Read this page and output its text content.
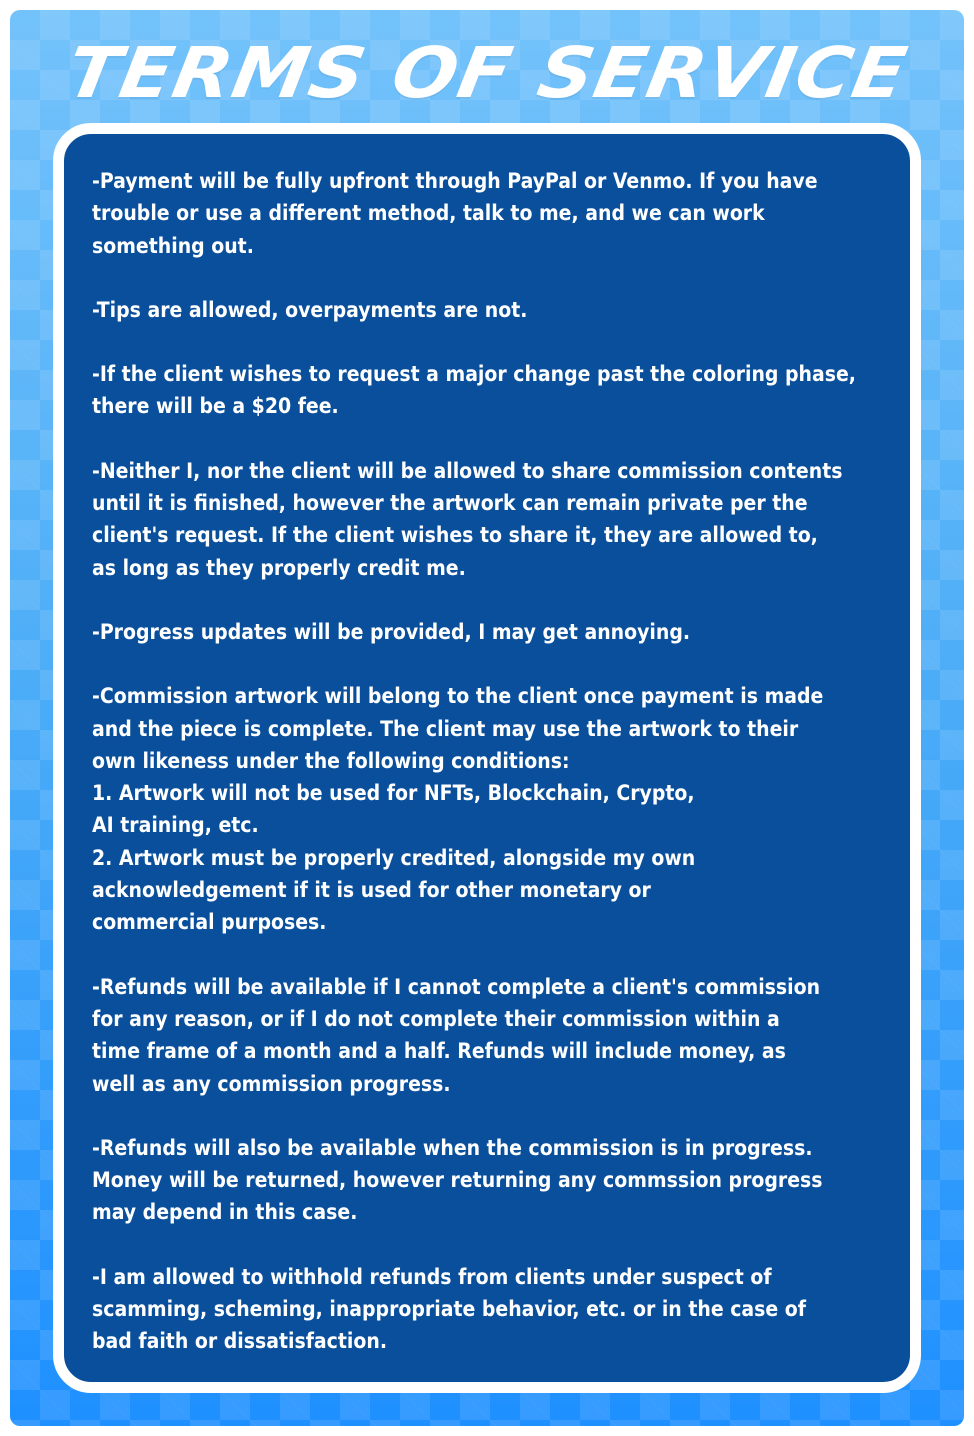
TERMS OF SERVICE

-Payment will be fully upfront through PayPal or Venmo. If you have
trouble or use a different method, talk to me, and we can work
something out.

-Tips are allowed, overpayments are not.

-If the client wishes to request a major change past the coloring phase,
there will be a $20 fee.

-Neither I, nor the client will be allowed to share commission contents
until it is finished, however the artwork can remain private per the
client's request. If the client wishes to share it, they are allowed to,
as long as they properly credit me.

-Progress updates will be provided, I may get annoying.

-Commission artwork will belong to the client once payment is made
and the piece is complete. The client may use the artwork to their
own likeness under the following conditions:
1. Artwork will not be used for NFTs, Blockchain, Crypto,
AI training, etc.
2. Artwork must be properly credited, alongside my own
acknowledgement if it is used for other monetary or
commercial purposes.

-Refunds will be available if I cannot complete a client's commission
for any reason, or if I do not complete their commission within a
time frame of a month and a half. Refunds will include money, as
well as any commission progress.

-Refunds will also be available when the commission is in progress.
Money will be returned, however returning any commssion progress
may depend in this case.

-I am allowed to withhold refunds from clients under suspect of
scamming, scheming, inappropriate behavior, etc. or in the case of
bad faith or dissatisfaction.
